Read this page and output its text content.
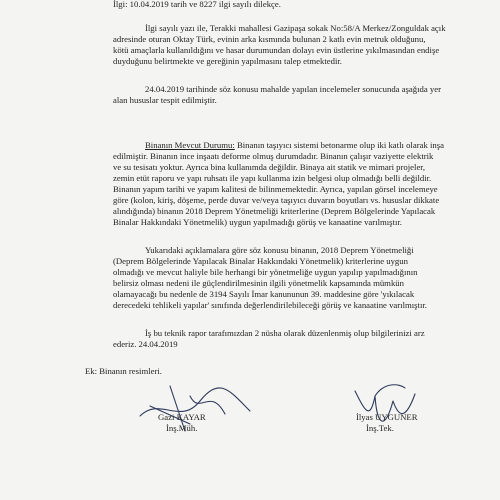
İlgi: 10.04.2019 tarih ve 8227 ilgi sayılı dilekçe.
İlgi sayılı yazı ile, Terakki mahallesi Gazipaşa sokak No:58/A Merkez/Zonguldak açık
adresinde oturan Oktay Türk, evinin arka kısmında bulunan 2 katlı evin metruk olduğunu,
kötü amaçlarla kullanıldığını ve hasar durumundan dolayı evin üstlerine yıkılmasından endişe
duyduğunu belirtmekte ve gereğinin yapılmasını talep etmektedir.
24.04.2019 tarihinde söz konusu mahalde yapılan incelemeler sonucunda aşağıda yer
alan hususlar tespit edilmiştir.
Binanın Mevcut Durumu: Binanın taşıyıcı sistemi betonarme olup iki katlı olarak inşa
edilmiştir. Binanın ince inşaatı deforme olmuş durumdadır. Binanın çalışır vaziyette elektrik
ve su tesisatı yoktur. Ayrıca bina kullanımda değildir. Binaya ait statik ve mimari projeler,
zemin etüt raporu ve yapı ruhsatı ile yapı kullanma izin belgesi olup olmadığı belli değildir.
Binanın yapım tarihi ve yapım kalitesi de bilinmemektedir. Ayrıca, yapılan görsel incelemeye
göre (kolon, kiriş, döşeme, perde duvar ve/veya taşıyıcı duvarın boyutları vs. hususlar dikkate
alındığında) binanın 2018 Deprem Yönetmeliği kriterlerine (Deprem Bölgelerinde Yapılacak
Binalar Hakkındaki Yönetmelik) uygun yapılmadığı görüş ve kanaatine varılmıştır.
Yukarıdaki açıklamalara göre söz konusu binanın, 2018 Deprem Yönetmeliği
(Deprem Bölgelerinde Yapılacak Binalar Hakkındaki Yönetmelik) kriterlerine uygun
olmadığı ve mevcut haliyle bile herhangi bir yönetmeliğe uygun yapılıp yapılmadığının
belirsiz olması nedeni ile güçlendirilmesinin ilgili yönetmelik kapsamında mümkün
olamayacağı bu nedenle de 3194 Sayılı İmar kanununun 39. maddesine göre 'yıkılacak
derecedeki tehlikeli yapılar' sınıfında değerlendirilebileceği görüş ve kanaatine varılmıştır.
İş bu teknik rapor tarafımızdan 2 nüsha olarak düzenlenmiş olup bilgilerinizi arz
ederiz. 24.04.2019
Ek: Binanın resimleri.
Gazi KAYAR
İnş.Müh.
İlyas UYGUNER
İnş.Tek.
